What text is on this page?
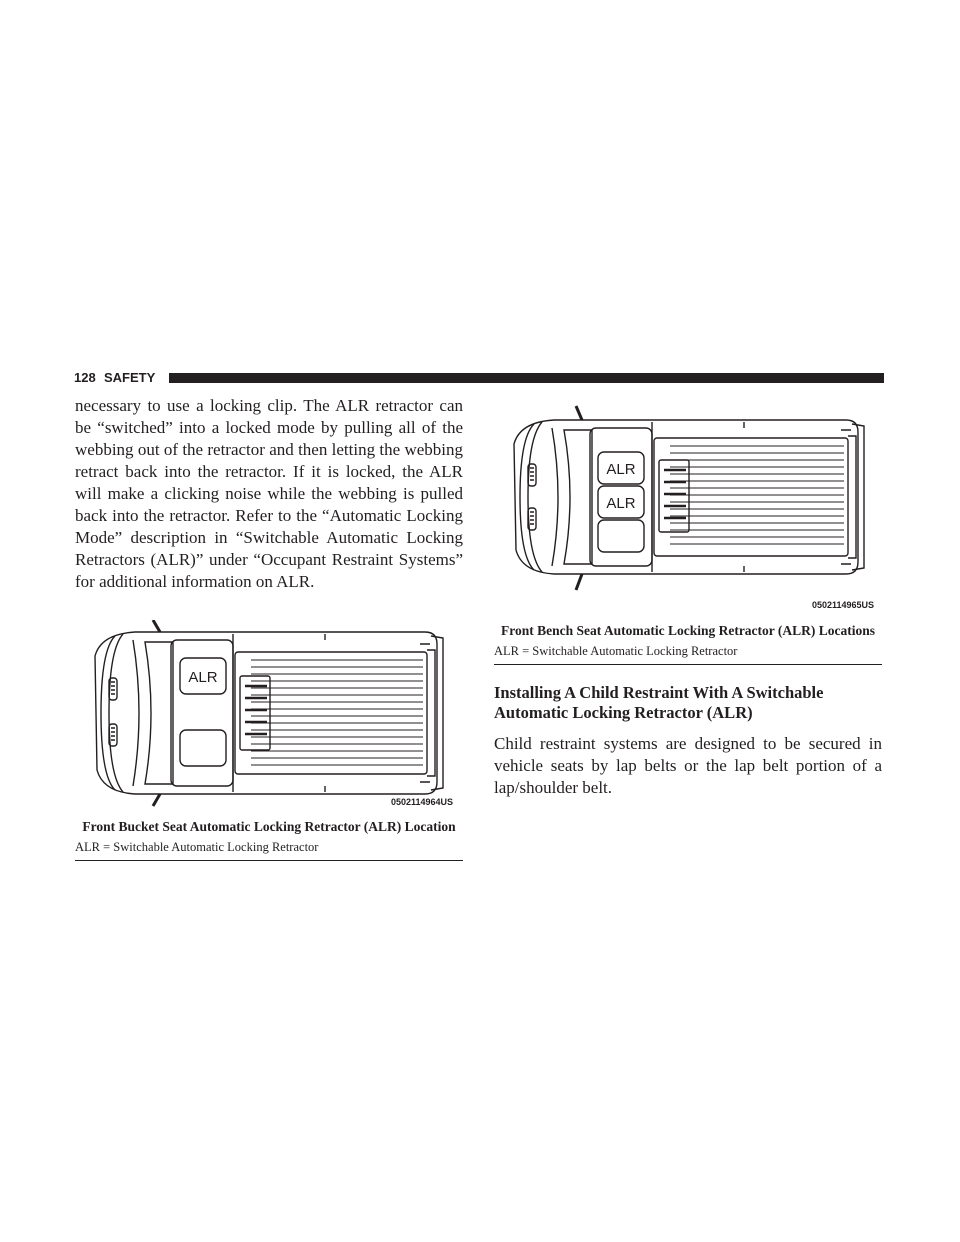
128 SAFETY

necessary to use a locking clip. The ALR retractor can be “switched” into a locked mode by pulling all of the webbing out of the retractor and then letting the webbing retract back into the retractor. If it is locked, the ALR will make a clicking noise while the webbing is pulled back into the retractor. Refer to the “Automatic Locking Mode” description in “Switchable Automatic Locking Retractors (ALR)” under “Occupant Restraint Systems” for additional information on ALR.

ALR
0502114964US

Front Bucket Seat Automatic Locking Retractor (ALR) Location

ALR = Switchable Automatic Locking Retractor

ALR
ALR
0502114965US

Front Bench Seat Automatic Locking Retractor (ALR) Locations

ALR = Switchable Automatic Locking Retractor

Installing A Child Restraint With A Switchable Automatic Locking Retractor (ALR)

Child restraint systems are designed to be secured in vehicle seats by lap belts or the lap belt portion of a lap/shoulder belt.
